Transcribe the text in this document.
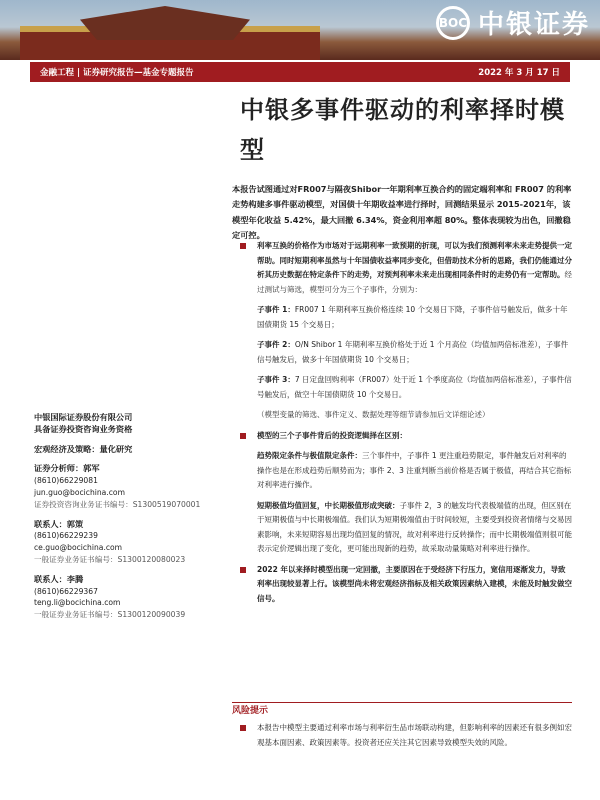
BOC 中银证券
金融工程 | 证券研究报告—基金专题报告	2022 年 3 月 17 日
中银多事件驱动的利率择时模型
本报告试图通过对FR007与隔夜Shibor一年期利率互换合约的固定端利率和 FR007 的利率走势构建多事件驱动模型，对国债十年期收益率进行择时，回测结果显示 2015-2021年，该模型年化收益 5.42%，最大回撤 6.34%，资金利用率超 80%。整体表现较为出色，回撤稳定可控。
中银国际证券股份有限公司
具备证券投资咨询业务资格
宏观经济及策略：量化研究
证券分析师：郭军
(8610)66229081
jun.guo@bocichina.com
证券投资咨询业务证书编号：S1300519070001
联系人：郭策
(8610)66229239
ce.guo@bocichina.com
一般证券业务证书编号：S1300120080023
联系人：李腾
(8610)66229367
teng.li@bocichina.com
一般证券业务证书编号：S1300120090039
利率互换的价格作为市场对于远期利率一致预期的折现，可以为我们预测利率未来走势提供一定帮助。同时短期利率虽然与十年国债收益率同步变化，但借助技术分析的思路，我们仍能通过分析其历史数据在特定条件下的走势，对预判利率未来走出现相同条件时的走势仍有一定帮助。经过测试与筛选，模型可分为三个子事件，分别为：
子事件 1：FR007 1 年期利率互换价格连续 10 个交易日下降，子事件信号触发后，做多十年国债期货 15 个交易日；
子事件 2：O/N Shibor 1 年期利率互换价格处于近 1 个月高位（均值加两倍标准差），子事件信号触发后，做多十年国债期货 10 个交易日；
子事件 3：7 日定盘回购利率（FR007）处于近 1 个季度高位（均值加两倍标准差），子事件信号触发后，做空十年国债期货 10 个交易日。
（模型变量的筛选、事件定义、数据处理等细节请参加后文详细论述）
模型的三个子事件背后的投资逻辑择在区别：
趋势限定条件与极值限定条件：三个事件中，子事件 1 更注重趋势限定，事件触发后对利率的操作也是在形成趋势后顺势而为；事件 2、3 注重判断当前价格是否属于极值，再结合其它指标对利率进行操作。
短期极值均值回复，中长期极值形成突破：子事件 2，3 的触发均代表极端值的出现，但区别在于短期极值与中长期极端值。我们认为短期极端值由于时间较短，主要受到投资者情绪与交易因素影响，未来短期容易出现均值回复的情况，故对利率进行反转操作；而中长期极端值则很可能表示定价逻辑出现了变化，更可能出现新的趋势，故采取动量策略对利率进行操作。
2022 年以来择时模型出现一定回撤，主要原因在于受经济下行压力，宽信用逐渐发力，导致利率出现较显著上行。该模型尚未将宏观经济指标及相关政策因素纳入建模，未能及时触发做空信号。
风险提示
本报告中模型主要通过利率市场与利率衍生品市场联动构建，但影响利率的因素还有很多例如宏观基本面因素、政策因素等。投资者还应关注其它因素导致模型失效的风险。
